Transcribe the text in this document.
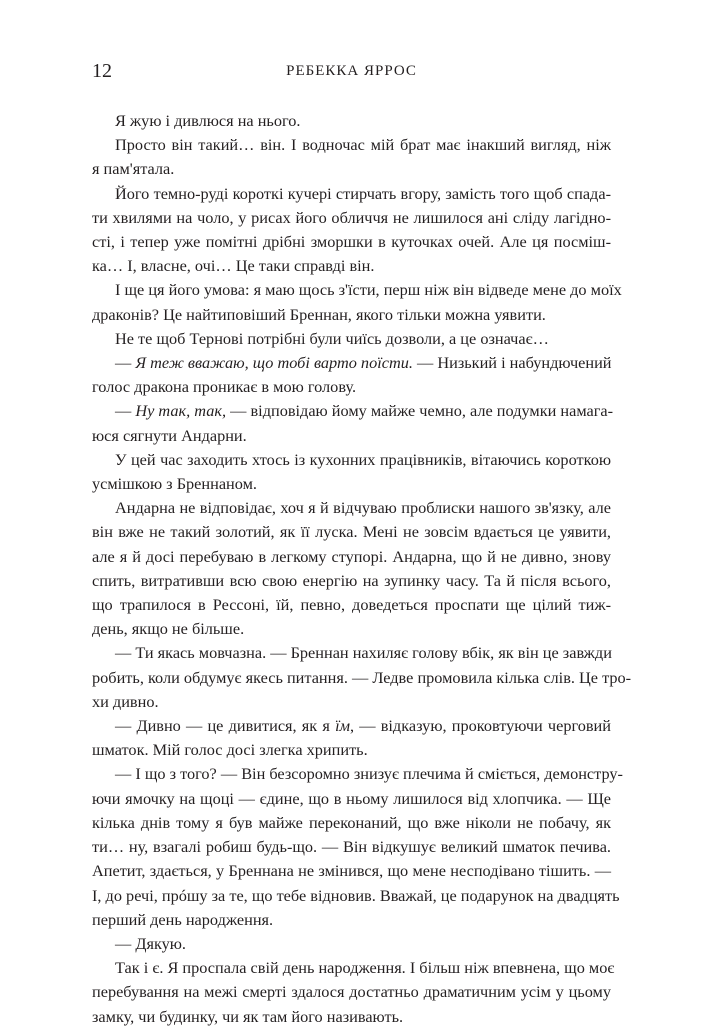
12	РЕБЕККА ЯРРОС

Я жую і дивлюся на нього.

Просто він такий… він. І водночас мій брат має інакший вигляд, ніж
я пам'ятала.

Його темно-руді короткі кучері стирчать вгору, замість того щоб спада-
ти хвилями на чоло, у рисах його обличчя не лишилося ані сліду лагідно-
сті, і тепер уже помітні дрібні зморшки в куточках очей. Але ця посміш-
ка… І, власне, очі… Це таки справді він.

І ще ця його умова: я маю щось з'їсти, перш ніж він відведе мене до моїх
драконів? Це найтиповіший Бреннан, якого тільки можна уявити.

Не те щоб Тернові потрібні були чиїсь дозволи, а це означає…

— Я теж вважаю, що тобі варто поїсти. — Низький і набундючений
голос дракона проникає в мою голову.

— Ну так, так, — відповідаю йому майже чемно, але подумки намага-
юся сягнути Андарни.

У цей час заходить хтось із кухонних працівників, вітаючись короткою
усмішкою з Бреннаном.

Андарна не відповідає, хоч я й відчуваю проблиски нашого зв'язку, але
він вже не такий золотий, як її луска. Мені не зовсім вдається це уявити,
але я й досі перебуваю в легкому ступорі. Андарна, що й не дивно, знову
спить, витративши всю свою енергію на зупинку часу. Та й після всього,
що трапилося в Рессоні, їй, певно, доведеться проспати ще цілий тиж-
день, якщо не більше.

— Ти якась мовчазна. — Бреннан нахиляє голову вбік, як він це завжди
робить, коли обдумує якесь питання. — Ледве промовила кілька слів. Це тро-
хи дивно.

— Дивно — це дивитися, як я їм, — відказую, проковтуючи черговий
шматок. Мій голос досі злегка хрипить.

— І що з того? — Він безсоромно знизує плечима й сміється, демонстру-
ючи ямочку на щоці — єдине, що в ньому лишилося від хлопчика. — Ще
кілька днів тому я був майже переконаний, що вже ніколи не побачу, як
ти… ну, взагалі робиш будь-що. — Він відкушує великий шматок печива.
Апетит, здається, у Бреннана не змінився, що мене несподівано тішить. —
І, до речі, прóшу за те, що тебе відновив. Вважай, це подарунок на двадцять
перший день народження.

— Дякую.

Так і є. Я проспала свій день народження. І більш ніж впевнена, що моє
перебування на межі смерті здалося достатньо драматичним усім у цьому
замку, чи будинку, чи як там його називають.
